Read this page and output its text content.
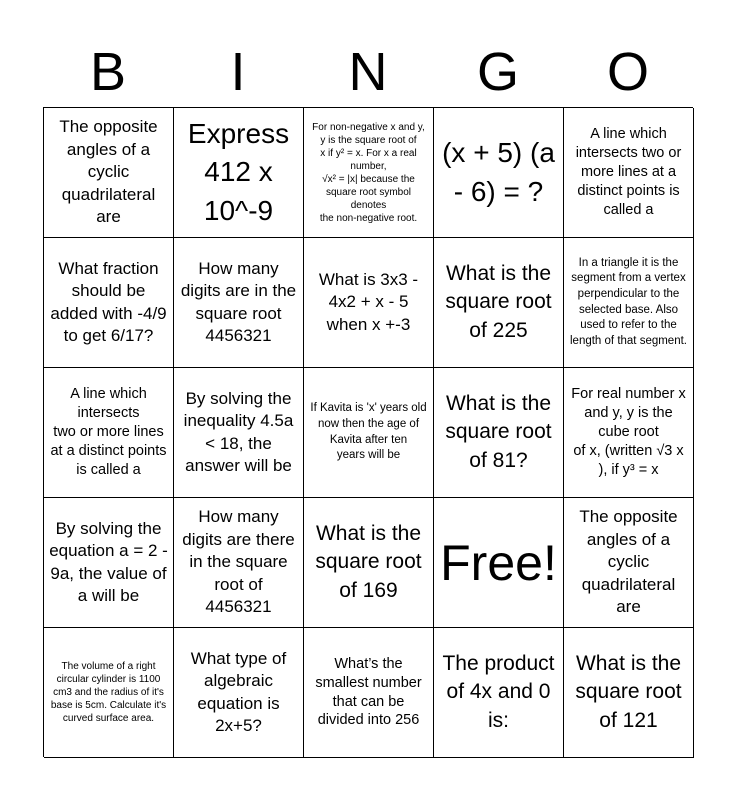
B	I	N	G	O
The opposite angles of a cyclic quadrilateral are
Express 412 x 10^-9
For non-negative x and y, y is the square root of
x if y² = x. For x a real number,
√x² = |x| because the square root symbol denotes
the non-negative root.
(x + 5) (a - 6) = ?
A line which intersects two or more lines at a distinct points is called a
What fraction should be added with -4/9 to get 6/17?
How many digits are in the square root 4456321
What is 3x3 - 4x2 + x - 5
when x +-3
What is the square root of 225
In a triangle it is the segment from a vertex perpendicular to the selected base. Also used to refer to the length of that segment.
A line which intersects
two or more lines at a distinct points is called a
By solving the inequality 4.5a < 18, the answer will be
If Kavita is 'x' years old
now then the age of
Kavita after ten
years will be
What is the square root of 81?
For real number x and y, y is the cube root
of x, (written √3 x ), if y³ = x
By solving the equation a = 2 - 9a, the value of a will be
How many digits are there in the square root of 4456321
What is the square root of 169 Free!
The opposite angles of a cyclic quadrilateral are
The volume of a right circular cylinder is 1100 cm3 and the radius of it's base is 5cm. Calculate it's curved surface area.
What type of algebraic equation is 2x+5?
What’s the smallest number that can be divided into 256
The product of 4x and 0 is:
What is the square root of 121
